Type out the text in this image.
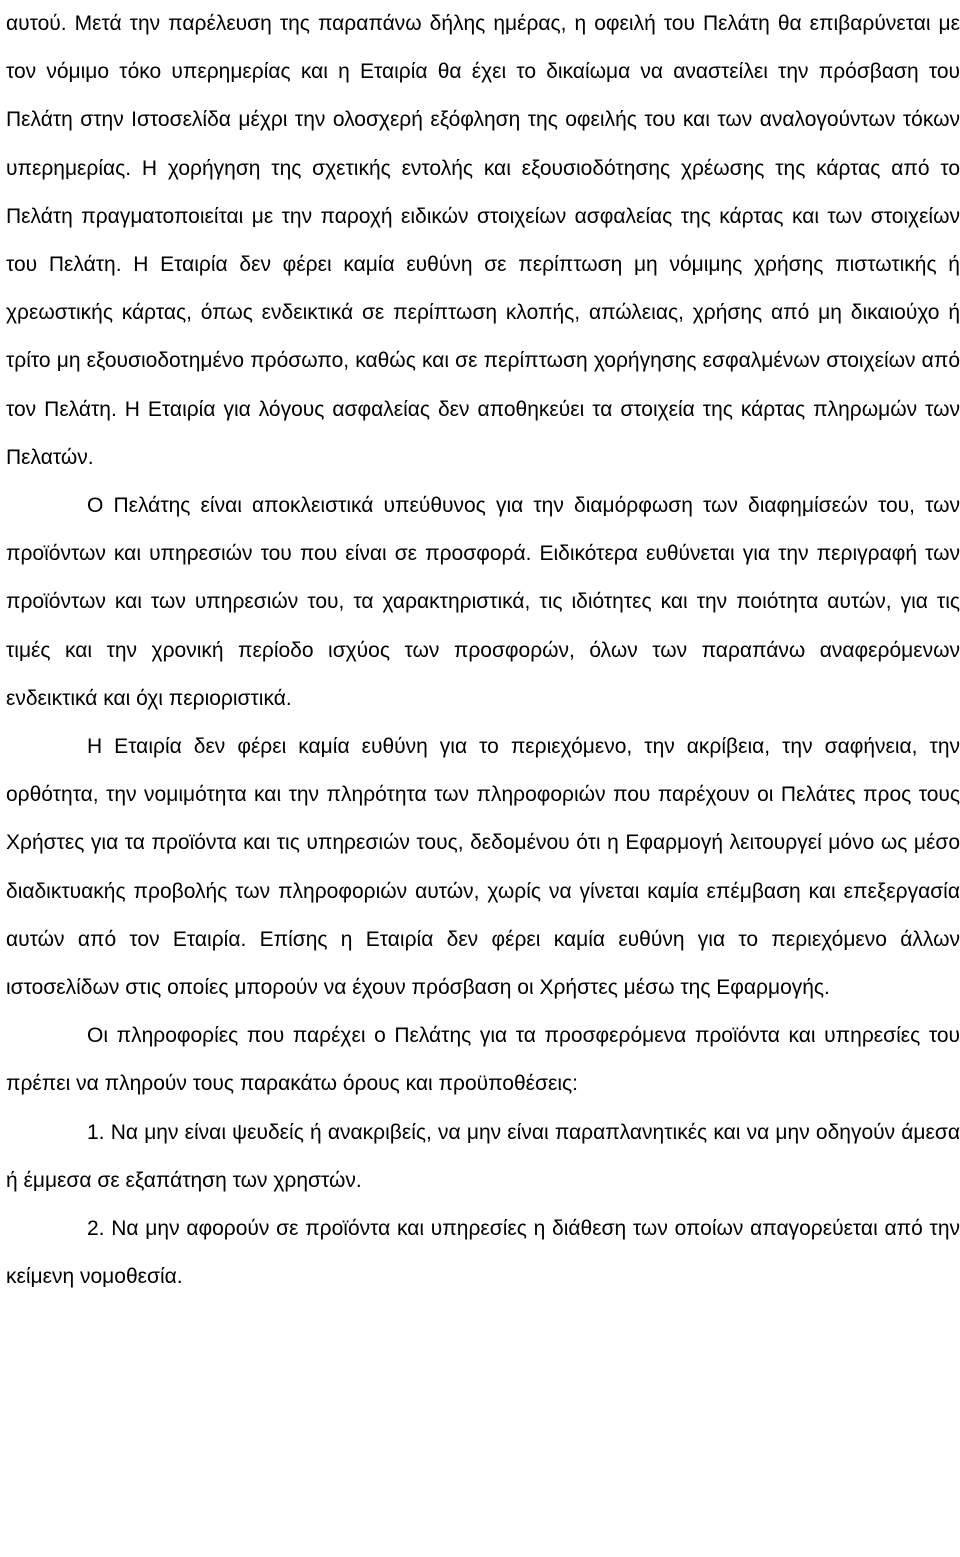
αυτού. Μετά την παρέλευση της παραπάνω δήλης ημέρας, η οφειλή του Πελάτη θα επιβαρύνεται με τον νόμιμο τόκο υπερημερίας και η Εταιρία θα έχει το δικαίωμα να αναστείλει την πρόσβαση του Πελάτη στην Ιστοσελίδα μέχρι την ολοσχερή εξόφληση της οφειλής του και των αναλογούντων τόκων υπερημερίας. Η χορήγηση της σχετικής εντολής και εξουσιοδότησης χρέωσης της κάρτας από το Πελάτη πραγματοποιείται με την παροχή ειδικών στοιχείων ασφαλείας της κάρτας και των στοιχείων του Πελάτη. Η Εταιρία δεν φέρει καμία ευθύνη σε περίπτωση μη νόμιμης χρήσης πιστωτικής ή χρεωστικής κάρτας, όπως ενδεικτικά σε περίπτωση κλοπής, απώλειας, χρήσης από μη δικαιούχο ή τρίτο μη εξουσιοδοτημένο πρόσωπο, καθώς και σε περίπτωση χορήγησης εσφαλμένων στοιχείων από τον Πελάτη. Η Εταιρία για λόγους ασφαλείας δεν αποθηκεύει τα στοιχεία της κάρτας πληρωμών των Πελατών.

Ο Πελάτης είναι αποκλειστικά υπεύθυνος για την διαμόρφωση των διαφημίσεών του, των προϊόντων και υπηρεσιών του που είναι σε προσφορά. Ειδικότερα ευθύνεται για την περιγραφή των προϊόντων και των υπηρεσιών του, τα χαρακτηριστικά, τις ιδιότητες και την ποιότητα αυτών, για τις τιμές και την χρονική περίοδο ισχύος των προσφορών, όλων των παραπάνω αναφερόμενων ενδεικτικά και όχι περιοριστικά.

Η Εταιρία δεν φέρει καμία ευθύνη για το περιεχόμενο, την ακρίβεια, την σαφήνεια, την ορθότητα, την νομιμότητα και την πληρότητα των πληροφοριών που παρέχουν οι Πελάτες προς τους Χρήστες για τα προϊόντα και τις υπηρεσιών τους, δεδομένου ότι η Εφαρμογή λειτουργεί μόνο ως μέσο διαδικτυακής προβολής των πληροφοριών αυτών, χωρίς να γίνεται καμία επέμβαση και επεξεργασία αυτών από τον Εταιρία. Επίσης η Εταιρία δεν φέρει καμία ευθύνη για το περιεχόμενο άλλων ιστοσελίδων στις οποίες μπορούν να έχουν πρόσβαση οι Χρήστες μέσω της Εφαρμογής.

Οι πληροφορίες που παρέχει ο Πελάτης για τα προσφερόμενα προϊόντα και υπηρεσίες του πρέπει να πληρούν τους παρακάτω όρους και προϋποθέσεις:

1. Να μην είναι ψευδείς ή ανακριβείς, να μην είναι παραπλανητικές και να μην οδηγούν άμεσα ή έμμεσα σε εξαπάτηση των χρηστών.

2. Να μην αφορούν σε προϊόντα και υπηρεσίες η διάθεση των οποίων απαγορεύεται από την κείμενη νομοθεσία.
